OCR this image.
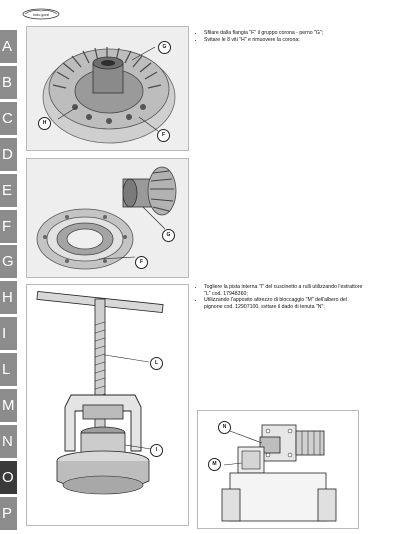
A
B
C
D
E
F
G
H
I
L
M
N
O
P
moto guzzi
G
H
F
G
F
L
I
• Sfilare dalla flangia "F" il gruppo corona - perno "G";
• Svitare le 8 viti "H" e rimuovere la corona;
• Togliere la pista interna "I" del cuscinetto a rulli utilizzando l'estrattore "L" cod. 17948360;
• Utilizzando l'apposito attrezzo di bloccaggio "M" dell'albero del pignone cod. 12907100, svitare il dado di tenuta "N";
N
M
